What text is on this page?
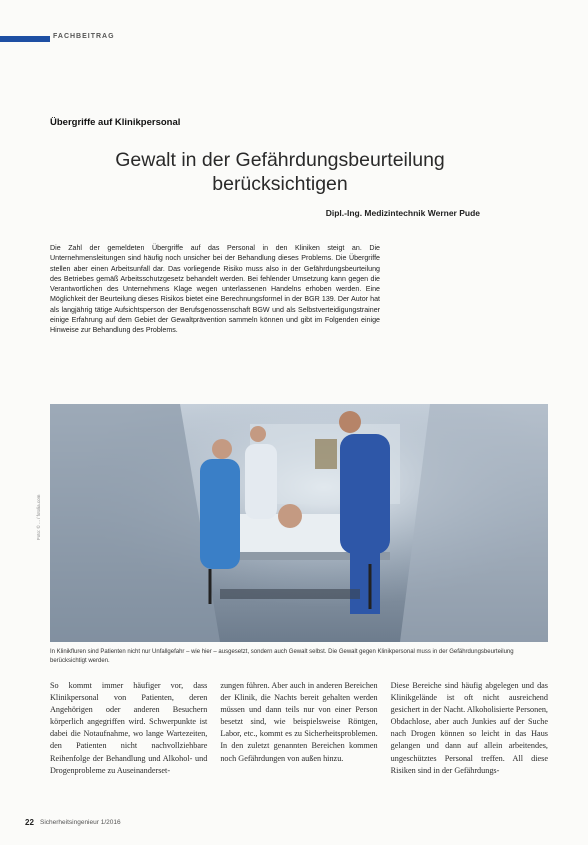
FACHBEITRAG
Übergriffe auf Klinikpersonal
Gewalt in der Gefährdungsbeurteilung
berücksichtigen
Dipl.-Ing. Medizintechnik Werner Pude
Die Zahl der gemeldeten Übergriffe auf das Personal in den Kliniken steigt an. Die Unternehmensleitungen sind häufig noch unsicher bei der Behandlung dieses Problems. Die Übergriffe stellen aber einen Arbeitsunfall dar. Das vorliegende Risiko muss also in der Gefährdungsbeurteilung des Betriebes gemäß Arbeitsschutzgesetz behandelt werden. Bei fehlender Umsetzung kann gegen die Verantwortlichen des Unternehmens Klage wegen unterlassenen Handelns erhoben werden. Eine Möglichkeit der Beurteilung dieses Risikos bietet eine Berechnungsformel in der BGR 139. Der Autor hat als langjährig tätige Aufsichtsperson der Berufsgenossenschaft BGW und als Selbstverteidigungstrainer einige Erfahrung auf dem Gebiet der Gewaltprävention sammeln können und gibt im Folgenden einige Hinweise zur Behandlung des Problems.
Foto: © ... / fotolia.com
In Klinikfluren sind Patienten nicht nur Unfallgefahr – wie hier – ausgesetzt, sondern auch Gewalt selbst. Die Gewalt gegen Klinikpersonal muss in der Gefährdungsbeurteilung berücksichtigt werden.
So kommt immer häufiger vor, dass Klinikpersonal von Patienten, deren Angehörigen oder anderen Besuchern körperlich angegriffen wird. Schwerpunkte ist dabei die Notaufnahme, wo lange Wartezeiten, den Patienten nicht nachvollziehbare Reihenfolge der Behandlung und Alkohol- und Drogenprobleme zu Auseinanderset-
zungen führen. Aber auch in anderen Bereichen der Klinik, die Nachts bereit gehalten werden müssen und dann teils nur von einer Person besetzt sind, wie beispielsweise Röntgen, Labor, etc., kommt es zu Sicherheitsproblemen. In den zuletzt genannten Bereichen kommen noch Gefährdungen von außen hinzu.
Diese Bereiche sind häufig abgelegen und das Klinikgelände ist oft nicht ausreichend gesichert in der Nacht. Alkoholisierte Personen, Obdachlose, aber auch Junkies auf der Suche nach Drogen können so leicht in das Haus gelangen und dann auf allein arbeitendes, ungeschütztes Personal treffen. All diese Risiken sind in der Gefährdungs-
22 Sicherheitsingenieur 1/2016
